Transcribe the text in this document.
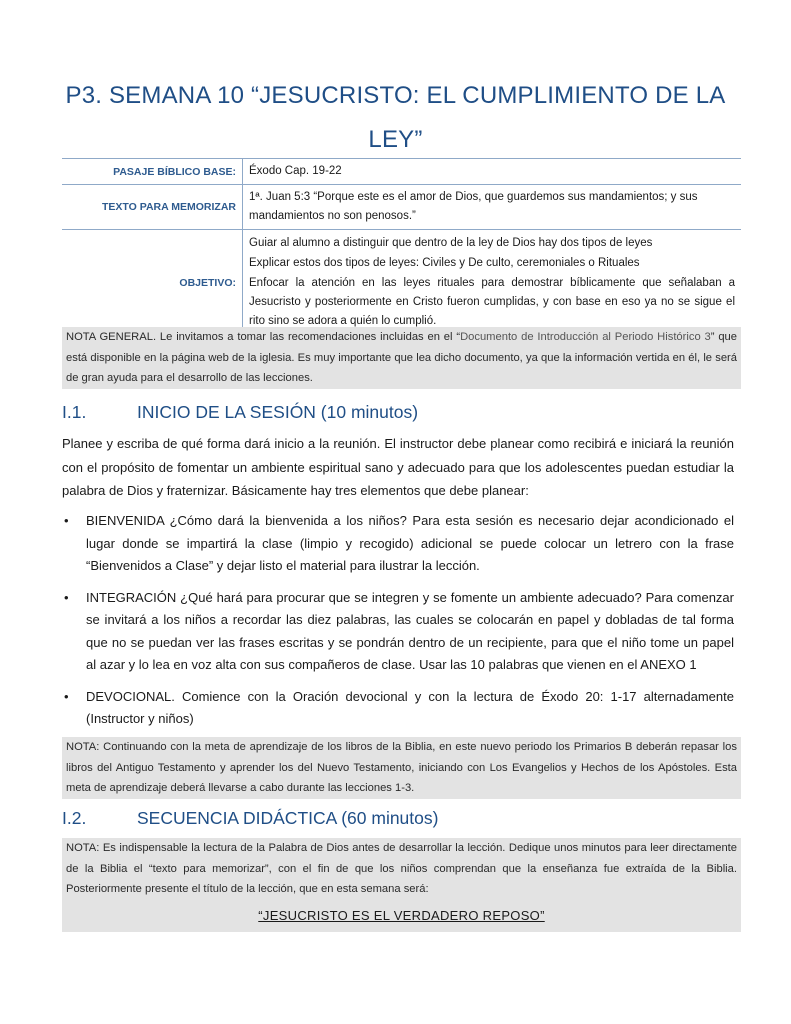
P3. SEMANA 10 “JESUCRISTO: EL CUMPLIMIENTO DE LA LEY”
PASAJE BÍBLICO BASE:	Éxodo Cap. 19-22
TEXTO PARA MEMORIZAR	1ª. Juan 5:3 “Porque este es el amor de Dios, que guardemos sus mandamientos; y sus mandamientos no son penosos.”
OBJETIVO:	Guiar al alumno a distinguir que dentro de la ley de Dios hay dos tipos de leyes
Explicar estos dos tipos de leyes: Civiles y De culto, ceremoniales o Rituales
Enfocar la atención en las leyes rituales para demostrar bíblicamente que señalaban a Jesucristo y posteriormente en Cristo fueron cumplidas, y con base en eso ya no se sigue el rito sino se adora a quién lo cumplió.
NOTA GENERAL. Le invitamos a tomar las recomendaciones incluidas en el “Documento de Introducción al Periodo Histórico 3” que está disponible en la página web de la iglesia. Es muy importante que lea dicho documento, ya que la información vertida en él, le será de gran ayuda para el desarrollo de las lecciones.
I.1.	INICIO DE LA SESIÓN (10 minutos)
Planee y escriba de qué forma dará inicio a la reunión. El instructor debe planear como recibirá e iniciará la reunión con el propósito de fomentar un ambiente espiritual sano y adecuado para que los adolescentes puedan estudiar la palabra de Dios y fraternizar. Básicamente hay tres elementos que debe planear:
• BIENVENIDA ¿Cómo dará la bienvenida a los niños? Para esta sesión es necesario dejar acondicionado el lugar donde se impartirá la clase (limpio y recogido) adicional se puede colocar un letrero con la frase “Bienvenidos a Clase” y dejar listo el material para ilustrar la lección.
• INTEGRACIÓN ¿Qué hará para procurar que se integren y se fomente un ambiente adecuado? Para comenzar se invitará a los niños a recordar las diez palabras, las cuales se colocarán en papel y dobladas de tal forma que no se puedan ver las frases escritas y se pondrán dentro de un recipiente, para que el niño tome un papel al azar y lo lea en voz alta con sus compañeros de clase. Usar las 10 palabras que vienen en el ANEXO 1
• DEVOCIONAL. Comience con la Oración devocional y con la lectura de Éxodo 20: 1-17 alternadamente (Instructor y niños)
NOTA: Continuando con la meta de aprendizaje de los libros de la Biblia, en este nuevo periodo los Primarios B deberán repasar los libros del Antiguo Testamento y aprender los del Nuevo Testamento, iniciando con Los Evangelios y Hechos de los Apóstoles. Esta meta de aprendizaje deberá llevarse a cabo durante las lecciones 1-3.
I.2.	SECUENCIA DIDÁCTICA (60 minutos)
NOTA: Es indispensable la lectura de la Palabra de Dios antes de desarrollar la lección. Dedique unos minutos para leer directamente de la Biblia el “texto para memorizar”, con el fin de que los niños comprendan que la enseñanza fue extraída de la Biblia. Posteriormente presente el título de la lección, que en esta semana será:
“JESUCRISTO ES EL VERDADERO REPOSO”
